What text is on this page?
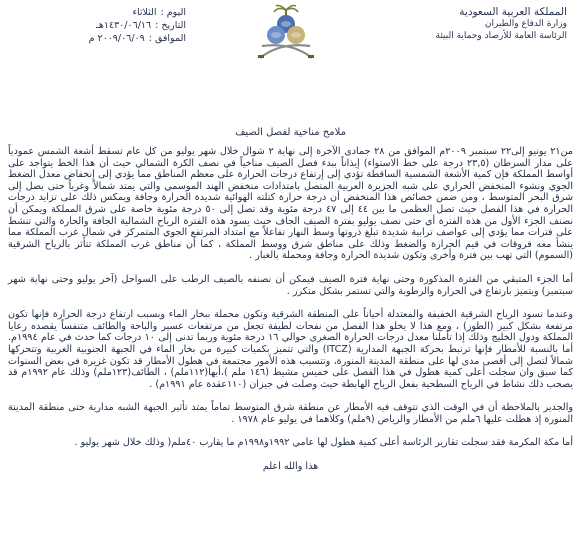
المملكة العربية السعودية
وزارة الدفاع والطيران
الرئاسة العامة للأرصاد وحماية البيئة
اليوم :
الثلاثاء
التاريخ :
١٤٣٠/٠٦/١٦هـ
الموافق :
٢٠٠٩/٠٦/٠٩ م
ملامح مناخية لفصل الصيف

من٢١ يونيو إلى٢٢ سبتمبر ٢٠٠٩م الموافق من ٢٨ جمادى الآخرة إلى نهاية ٢ شوال خلال شهر يوليو من كل عام تسقط أشعة الشمس عمودياً على مدار السرطان (٢٣,٥ درجة على خط الاستواء) إيذاناً ببدء فصل الصيف مناخياً في نصف الكرة الشمالي حيث أن هذا الخط يتواجد على أواسط المملكة فإن كمية الأشعة الشمسية الساقطة تؤدي إلى إرتفاع درجات الحرارة على معظم المناطق مما يؤدي إلى إنخفاض معدل الضغط الجوي ونشوء المنخفض الحراري على شبه الجزيرة العربية المتصل بامتدادات منخفض الهند الموسمي والتي يمتد شمالاً وغرباً حتى يصل إلى شرق البحر المتوسط ، ومن ضمن خصائص هذا المنخفض أن درجة حرارة كتلته الهوائية شديدة الحرارة وجافة ويمكس ذلك على تزايد درجات الحرارة في هذا الفصل حيث تصل العظمى ما بين ٤٤ إلى ٤٧ درجة مئوية وقد تصل إلى ٥٠ درجة مئوية خاصة على شرق المملكة ويمكن أن نصنف الجزء الأول من هذه الفترة أي حتى نصف يوليو بفترة الصيف الجاف حيث يسود هذه الفترة الرياح الشمالية الجافة والحارة والتي تنشط على فترات مما يؤدي إلى عواصف ترابية شديدة تبلغ ذروتها وسط النهار تفاعلاً مع امتداد المرتفع الجوي المتمركز في شمال غرب المملكة مما ينشأ معه فروقات في قيم الحرارة والضغط وذلك على مناطق شرق ووسط المملكة ، كما أن مناطق غرب المملكة تتأثر بالرياح الشرقية (السموم) التي تهب بين فترة وأخرى وتكون شديدة الحرارة وجافة ومحملة بالغبار .

أما الجزء المتبقي من الفترة المذكورة وحتى نهاية فترة الصيف فيمكن أن نصنفه بالصيف الرطب على السواحل (آخر يوليو وحتى نهاية شهر سبتمبر) ويتميز بارتفاع في الحرارة والرطوبة والتي تستمر بشكل متكرر .

وعندما تسود الرياح الشرقية الخفيفة والمعتدلة أحياناً على المنطقة الشرقية وتكون محملة ببخار الماء وبسبب ارتفاع درجة الحرارة فإنها تكون مرتفعة بشكل كبير (الطوز) ، ومع هذا لا يخلو هذا الفصل من نفحات لطيفة تجعل من مرتفعات عسير والباحة والطائف متنفساً يقصده رعايا المملكة ودول الخليج وذلك إذا تأملنا معدل درجات الحرارة الصغرى حوالي ١٦ درجة مئوية وربما تدنى إلى ١٠ درجات كما حدث في عام ١٩٩٤م. أما بالنسبة للأمطار فإنها ترتبط بحركة الجبهة المدارية (ITCZ) والتي تتميز بكميات كبيرة من بخار الماء في الجبهة الجنوبية الغربية وتتحركها شمالاً لتصل إلى أقصى مدى لها على منطقة المدينة المنورة، وتتسبب هذه الأمور مجتمعة في هطول الأمطار قد تكون غزيرة في بعض السنوات كما سبق وان سجلت أعلى كمية هطول في هذا الفصل على خميس مشيط (١٤٦ ملم )،أبها(١١٢ملم) ، الطائف(١٢٣ملم) وذلك عام ١٩٩٢م قد يصحب ذلك نشاط في الرياح السطحية بفعل الرياح الهابطة حيث وصلت في جيزان (١١٠عقدة عام ١٩٩١م) .

والجدير بالملاحظة أن في الوقت الذي تتوقف فيه الأمطار عن منطقة شرق المتوسط تماماً يمتد تأثير الجبهة الشبه مدارية حتى منطقة المدينة المنورة إذ هطلت عليها ٦ملم من الأمطار والرياض (٩ملم) وكلاهما في يوليو عام ١٩٧٨ .

أما مكة المكرمة فقد سجلت تقارير الرئاسة أعلى كمية هطول لها عامي ١٩٩٢و١٩٩٨م ما يقارب ٤٠ملم( وذلك خلال شهر يوليو .

هذا والله اعلم
